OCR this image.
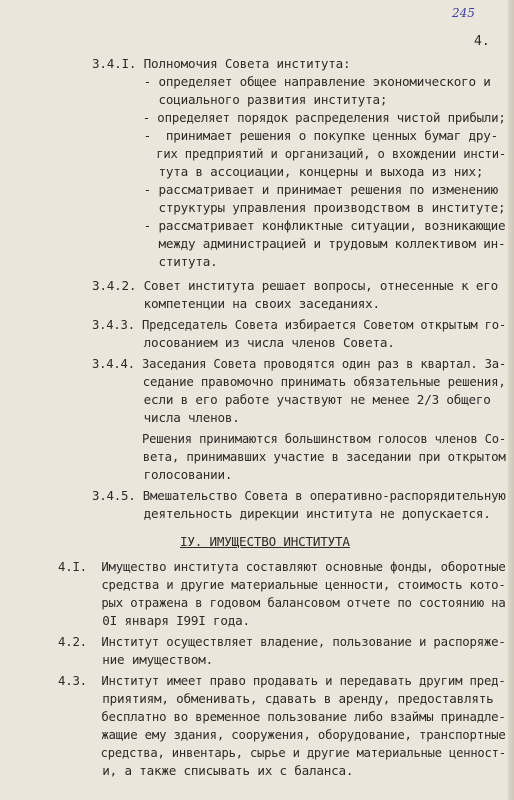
245
4.
3.4.I. Полномочия Совета института:
- определяет общее направление экономического и
социального развития института;
- определяет порядок распределения чистой прибыли;
-  принимает решения о покупке ценных бумаг дру-
гих предприятий и организаций, о вхождении инсти-
тута в ассоциации, концерны и выхода из них;
- рассматривает и принимает решения по изменению
структуры управления производством в институте;
- рассматривает конфликтные ситуации, возникающие
между администрацией и трудовым коллективом ин-
ститута.
3.4.2. Совет института решает вопросы, отнесенные к его
компетенции на своих заседаниях.
3.4.3. Председатель Совета избирается Советом открытым го-
лосованием из числа членов Совета.
3.4.4. Заседания Совета проводятся один раз в квартал. За-
седание правомочно принимать обязательные решения,
если в его работе участвуют не менее 2/3 общего
числа членов.
Решения принимаются большинством голосов членов Со-
вета, принимавших участие в заседании при открытом
голосовании.
3.4.5. Вмешательство Совета в оперативно-распорядительную
деятельность дирекции института не допускается.
IУ. ИМУЩЕСТВО ИНСТИТУТА
4.I.  Имущество института составляют основные фонды, оборотные
средства и другие материальные ценности, стоимость кото-
рых отражена в годовом балансовом отчете по состоянию на
0I января I99I года.
4.2.  Институт осуществляет владение, пользование и распоряже-
ние имуществом.
4.3.  Институт имеет право продавать и передавать другим пред-
приятиям, обменивать, сдавать в аренду, предоставлять
бесплатно во временное пользование либо взаймы принадле-
жащие ему здания, сооружения, оборудование, транспортные
средства, инвентарь, сырье и другие материальные ценност-
и, а также списывать их с баланса.
